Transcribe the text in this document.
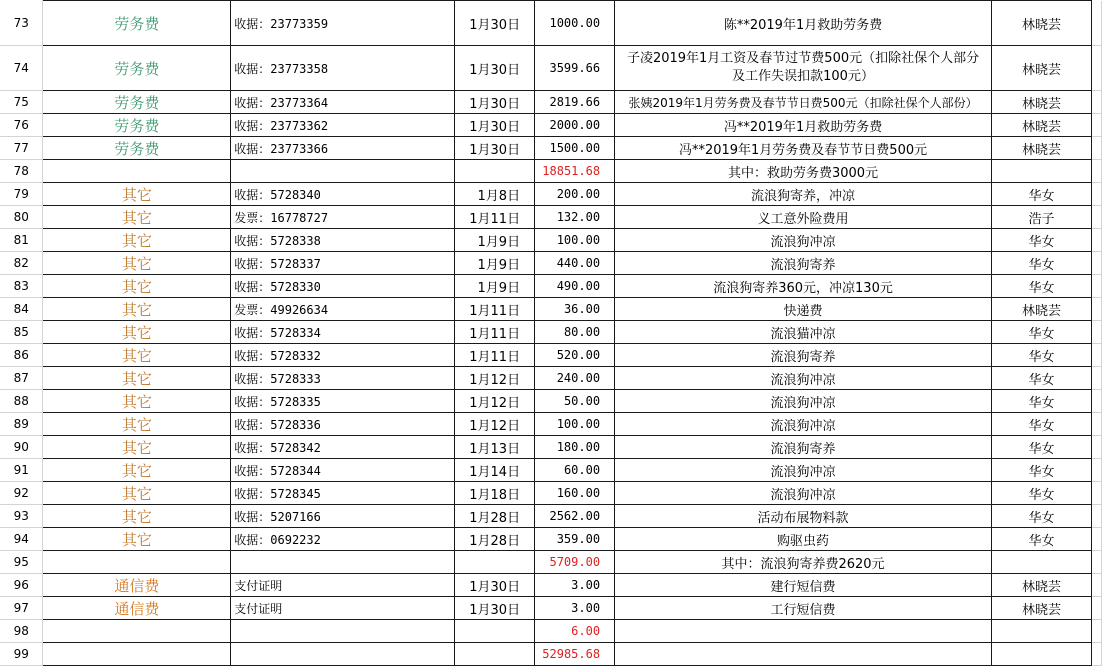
73	劳务费	收据：23773359	1月30日	1000.00	陈**2019年1月救助劳务费	林晓芸	
74	劳务费	收据：23773358	1月30日	3599.66	子凌2019年1月工资及春节过节费500元（扣除社保个人部分及工作失误扣款100元）	林晓芸	
75	劳务费	收据：23773364	1月30日	2819.66	张姨2019年1月劳务费及春节节日费500元（扣除社保个人部份）	林晓芸	
76	劳务费	收据：23773362	1月30日	2000.00	冯**2019年1月救助劳务费	林晓芸	
77	劳务费	收据：23773366	1月30日	1500.00	冯**2019年1月劳务费及春节节日费500元	林晓芸	
78				18851.68	其中：救助劳务费3000元		
79	其它	收据：5728340	1月8日	200.00	流浪狗寄养，冲凉	华女	
80	其它	发票：16778727	1月11日	132.00	义工意外险费用	浩子	
81	其它	收据：5728338	1月9日	100.00	流浪狗冲凉	华女	
82	其它	收据：5728337	1月9日	440.00	流浪狗寄养	华女	
83	其它	收据：5728330	1月9日	490.00	流浪狗寄养360元，冲凉130元	华女	
84	其它	发票：49926634	1月11日	36.00	快递费	林晓芸	
85	其它	收据：5728334	1月11日	80.00	流浪猫冲凉	华女	
86	其它	收据：5728332	1月11日	520.00	流浪狗寄养	华女	
87	其它	收据：5728333	1月12日	240.00	流浪狗冲凉	华女	
88	其它	收据：5728335	1月12日	50.00	流浪狗冲凉	华女	
89	其它	收据：5728336	1月12日	100.00	流浪狗冲凉	华女	
90	其它	收据：5728342	1月13日	180.00	流浪狗寄养	华女	
91	其它	收据：5728344	1月14日	60.00	流浪狗冲凉	华女	
92	其它	收据：5728345	1月18日	160.00	流浪狗冲凉	华女	
93	其它	收据：5207166	1月28日	2562.00	活动布展物料款	华女	
94	其它	收据：0692232	1月28日	359.00	购驱虫药	华女	
95				5709.00	其中：流浪狗寄养费2620元		
96	通信费	支付证明	1月30日	3.00	建行短信费	林晓芸	
97	通信费	支付证明	1月30日	3.00	工行短信费	林晓芸	
98				6.00			
99				52985.68			
